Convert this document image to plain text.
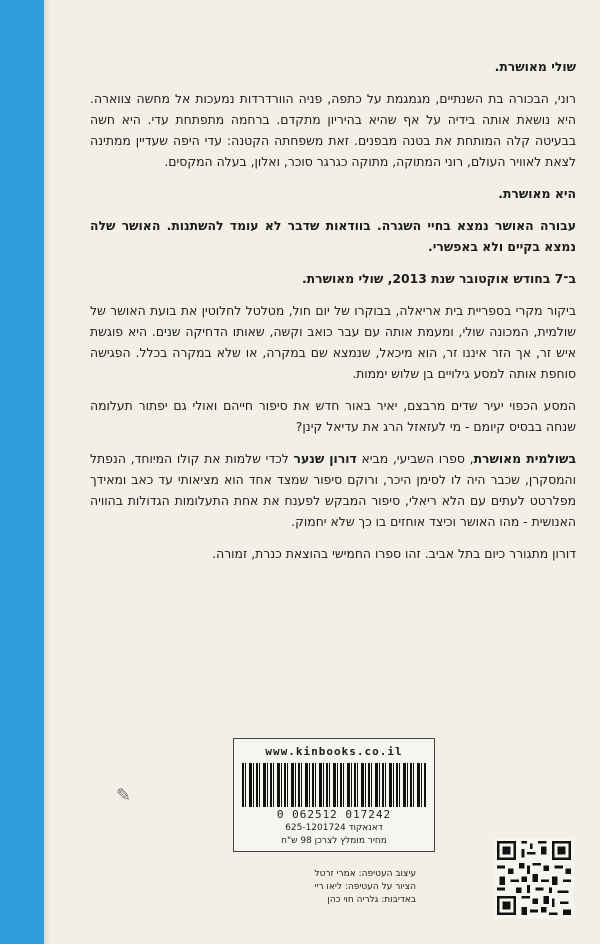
שולי מאושרת.

רוני, הבכורה בת השנתיים, מגמגמת על כתפה, פניה הוורדרדות נמעכות אל מחשה צווארה. היא נושאת אותה בידיה על אף שהיא בהיריון מתקדם. ברחמה מתפתחת עדי. היא חשה בבעיטה קלה המותחת את בטנה מבפנים. זאת משפחתה הקטנה: עדי היפה שעדיין ממתינה לצאת לאוויר העולם, רוני המתוקה, מתוקה כגרגר סוכר, ואלון, בעלה המקסים.

היא מאושרת.

עבורה האושר נמצא בחיי השגרה. בוודאות שדבר לא עומד להשתנות. האושר שלה נמצא בקיים ולא באפשרי.

ב־7 בחודש אוקטובר שנת 2013, שולי מאושרת.

ביקור מקרי בספריית בית אריאלה, בבוקרו של יום חול, מטלטל לחלוטין את בועת האושר של שולמית, המכונה שולי, ומעמת אותה עם עבר כואב וקשה, שאותו הדחיקה שנים. היא פוגשת איש זר, אך הזר איננו זר, הוא מיכאל, שנמצא שם במקרה, או שלא במקרה בכלל. הפגישה סוחפת אותה למסע גילויים בן שלוש יממות.

המסע הכפוי יעיר שדים מרבצם, יאיר באור חדש את סיפור חייהם ואולי גם יפתור תעלומה שנחה בבסיס קיומם - מי לעזאזל הרג את עדיאל קינן?

בשולמית מאושרת, ספרו השביעי, מביא דורון שנער לכדי שלמות את קולו המיוחד, הנפתל והמסקרן, שכבר היה לו לסימן היכר, ורוקם סיפור שמצד אחד הוא מציאותי עד כאב ומאידך מפלרטט לעתים עם הלא ריאלי, סיפור המבקש לפענח את אחת התעלומות הגדולות בהוויה האנושית - מהו האושר וכיצד אוחזים בו כך שלא יחמוק.

דורון מתגורר כיום בתל אביב. זהו ספרו החמישי בהוצאת כנרת, זמורה.

✎
www.kinbooks.co.il
0 062512 017242
דאנאקוד 625-1201724
מחיר מומלץ לצרכן 98 ש"ח
עיצוב העטיפה: אמרי זרטל
הציור על העטיפה: ליאו ריי
באדיבות: גלריה חוי כהן
